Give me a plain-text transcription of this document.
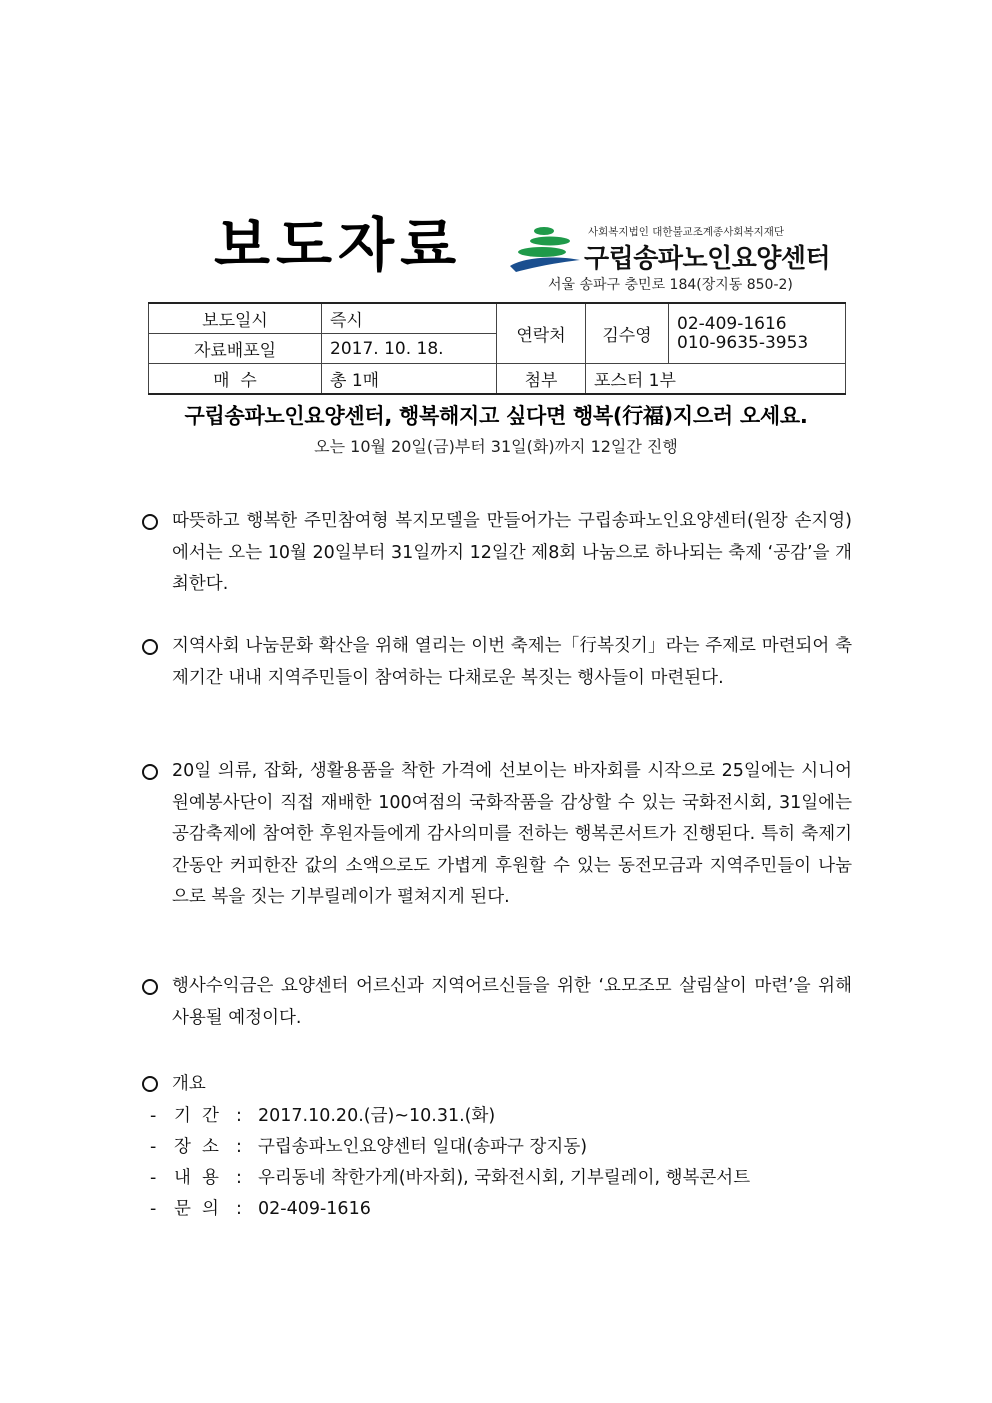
보도자료	사회복지법인 대한불교조계종사회복지재단
구립송파노인요양센터
서울 송파구 충민로 184(장지동 850-2)
보도일시	즉시	연락처	김수영	02-409-1616
010-9635-3953

자료배포일	2017. 10. 18.			
매  수	총 1매	첨부	포스터 1부	
구립송파노인요양센터, 행복해지고 싶다면 행복(行福)지으러 오세요.
오는 10월 20일(금)부터 31일(화)까지 12일간 진행
따뜻하고 행복한 주민참여형 복지모델을 만들어가는 구립송파노인요양센터(원장 손지영)에서는 오는 10월 20일부터 31일까지 12일간 제8회 나눔으로 하나되는 축제 ‘공감’을 개최한다.
지역사회 나눔문화 확산을 위해 열리는 이번 축제는「行복짓기」라는 주제로 마련되어 축제기간 내내 지역주민들이 참여하는 다채로운 복짓는 행사들이 마련된다.
20일 의류, 잡화, 생활용품을 착한 가격에 선보이는 바자회를 시작으로 25일에는 시니어원예봉사단이 직접 재배한 100여점의 국화작품을 감상할 수 있는 국화전시회, 31일에는 공감축제에 참여한 후원자들에게 감사의미를 전하는 행복콘서트가 진행된다. 특히 축제기간동안 커피한잔 값의 소액으로도 가볍게 후원할 수 있는 동전모금과 지역주민들이 나눔으로 복을 짓는 기부릴레이가 펼쳐지게 된다.
행사수익금은 요양센터 어르신과 지역어르신들을 위한 ‘요모조모 살림살이 마련’을 위해 사용될 예정이다.
개요
- 기  간 : 2017.10.20.(금)~10.31.(화)
- 장  소 : 구립송파노인요양센터 일대(송파구 장지동)
- 내  용 : 우리동네 착한가게(바자회), 국화전시회, 기부릴레이, 행복콘서트
- 문  의 : 02-409-1616
